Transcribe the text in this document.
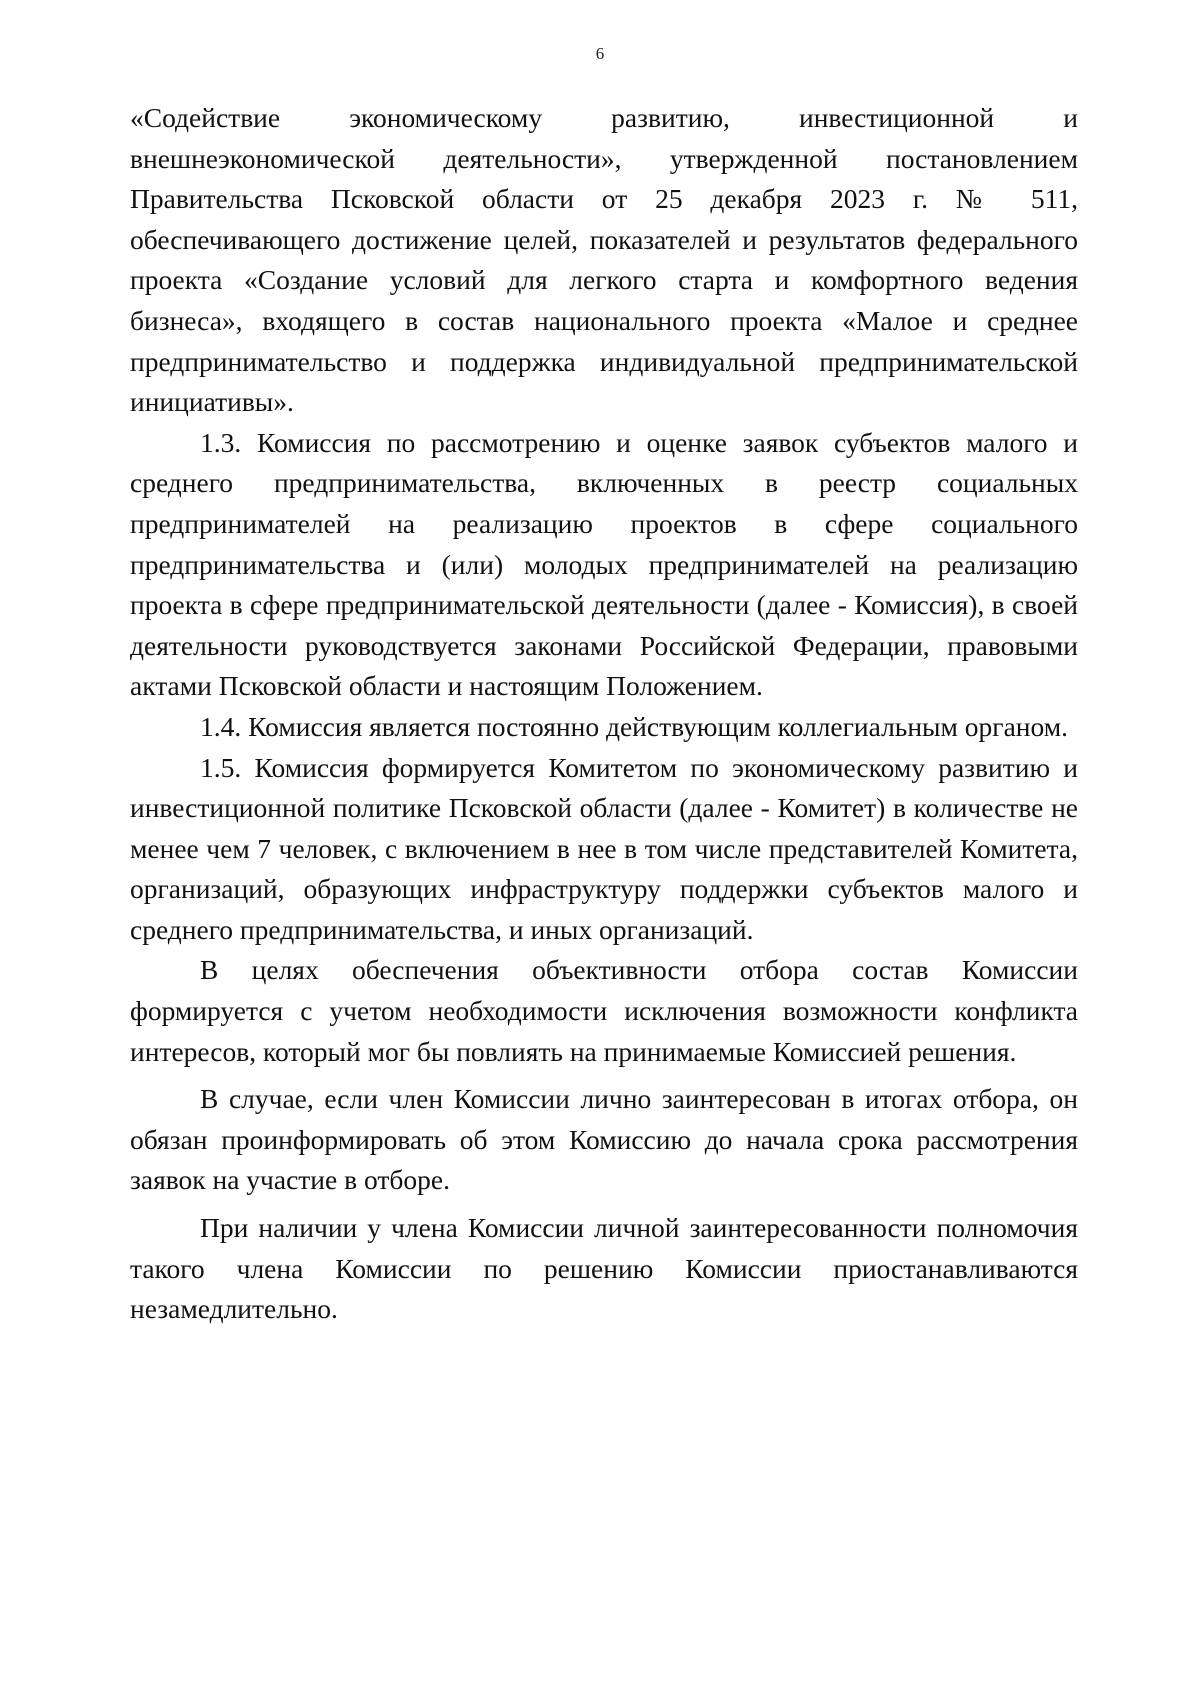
6

«Содействие экономическому развитию, инвестиционной и внешнеэкономической деятельности», утвержденной постановлением Правительства Псковской области от 25 декабря 2023 г. № 511, обеспечивающего достижение целей, показателей и результатов федерального проекта «Создание условий для легкого старта и комфортного ведения бизнеса», входящего в состав национального проекта «Малое и среднее предпринимательство и поддержка индивидуальной предпринимательской инициативы».

1.3. Комиссия по рассмотрению и оценке заявок субъектов малого и среднего предпринимательства, включенных в реестр социальных предпринимателей на реализацию проектов в сфере социального предпринимательства и (или) молодых предпринимателей на реализацию проекта в сфере предпринимательской деятельности (далее - Комиссия), в своей деятельности руководствуется законами Российской Федерации, правовыми актами Псковской области и настоящим Положением.

1.4. Комиссия является постоянно действующим коллегиальным органом.

1.5. Комиссия формируется Комитетом по экономическому развитию и инвестиционной политике Псковской области (далее - Комитет) в количестве не менее чем 7 человек, с включением в нее в том числе представителей Комитета, организаций, образующих инфраструктуру поддержки субъектов малого и среднего предпринимательства, и иных организаций.

В целях обеспечения объективности отбора состав Комиссии формируется с учетом необходимости исключения возможности конфликта интересов, который мог бы повлиять на принимаемые Комиссией решения.

В случае, если член Комиссии лично заинтересован в итогах отбора, он обязан проинформировать об этом Комиссию до начала срока рассмотрения заявок на участие в отборе.

При наличии у члена Комиссии личной заинтересованности полномочия такого члена Комиссии по решению Комиссии приостанавливаются незамедлительно.
